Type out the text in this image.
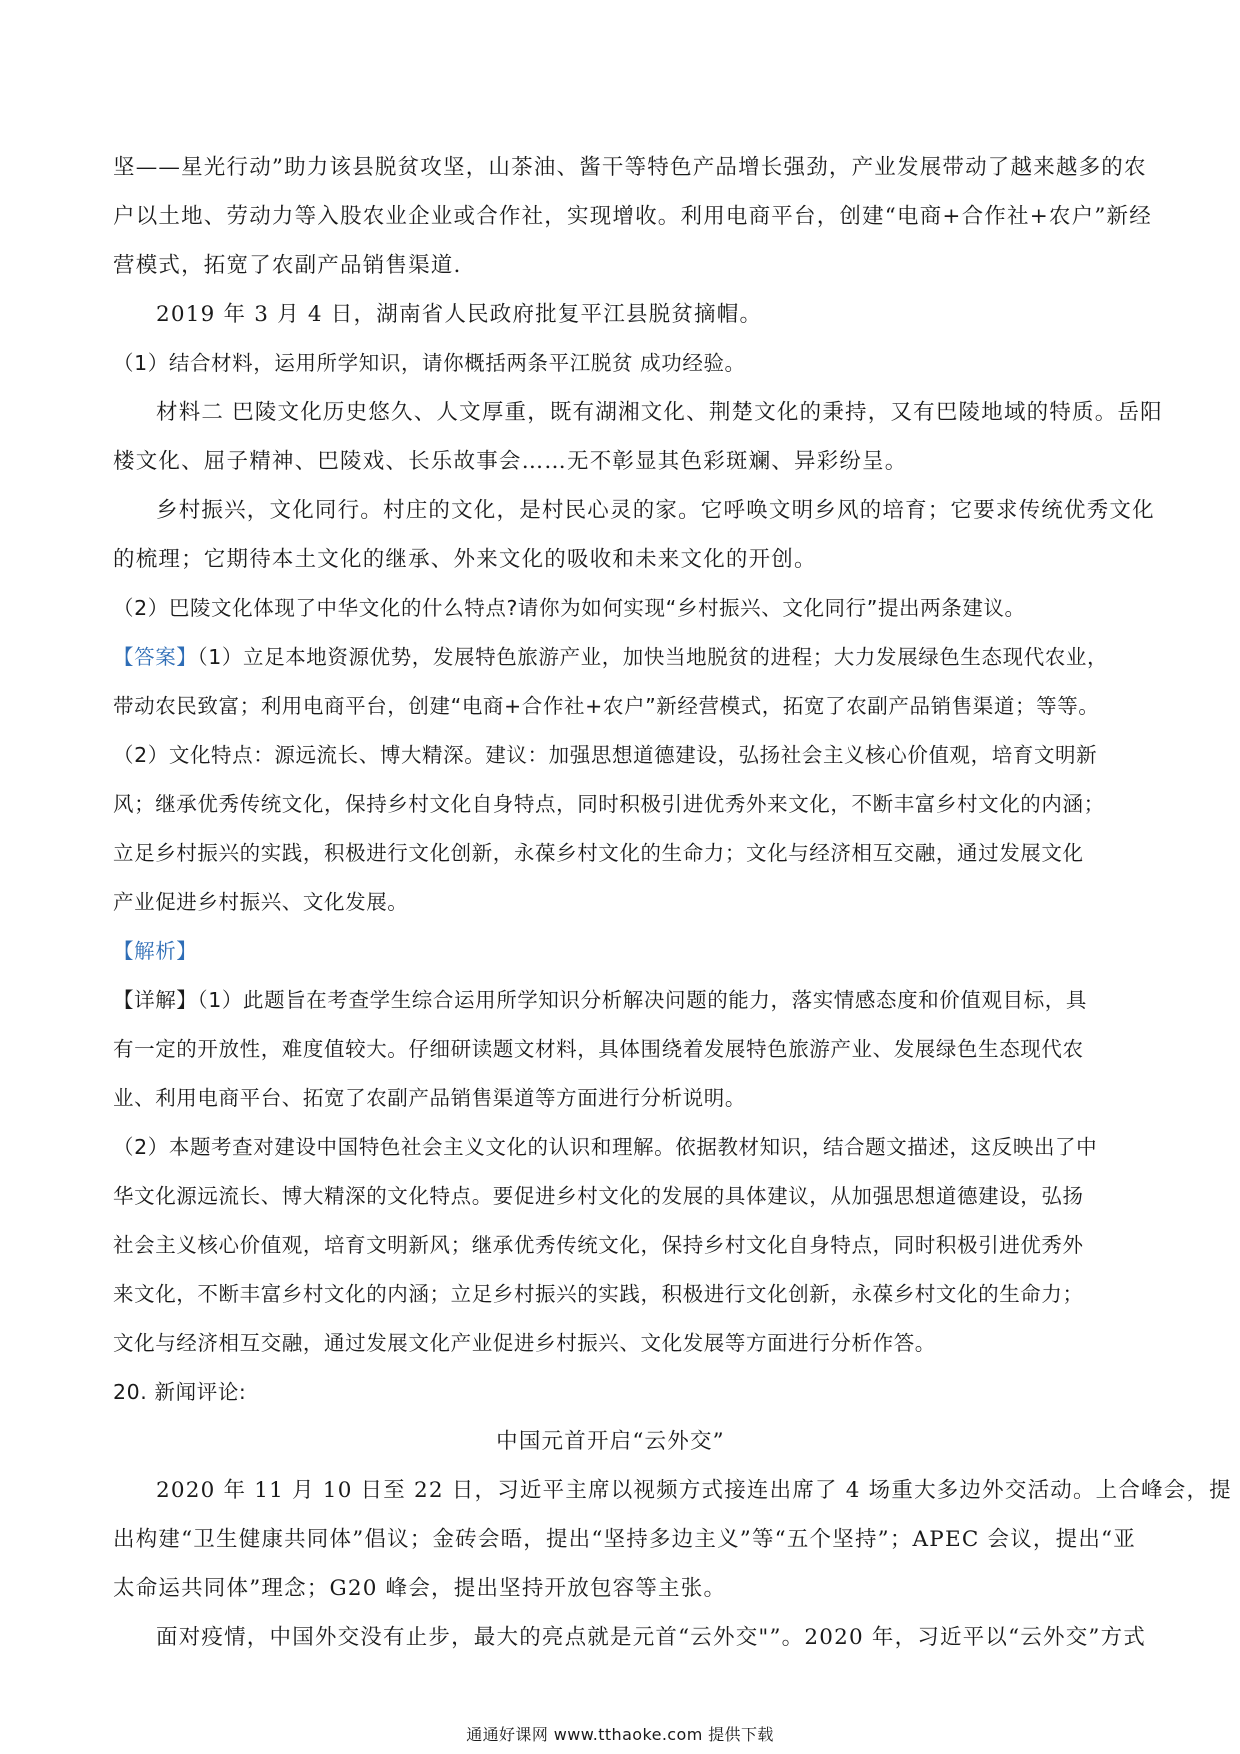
坚——星光行动”助力该县脱贫攻坚，山茶油、酱干等特色产品增长强劲，产业发展带动了越来越多的农
户以土地、劳动力等入股农业企业或合作社，实现增收。利用电商平台，创建“电商+合作社+农户”新经
营模式，拓宽了农副产品销售渠道.
2019 年 3 月 4 日，湖南省人民政府批复平江县脱贫摘帽。
（1）结合材料，运用所学知识，请你概括两条平江脱贫 成功经验。
材料二 巴陵文化历史悠久、人文厚重，既有湖湘文化、荆楚文化的秉持，又有巴陵地域的特质。岳阳
楼文化、屈子精神、巴陵戏、长乐故事会……无不彰显其色彩斑斓、异彩纷呈。
乡村振兴，文化同行。村庄的文化，是村民心灵的家。它呼唤文明乡风的培育；它要求传统优秀文化
的梳理；它期待本土文化的继承、外来文化的吸收和未来文化的开创。
（2）巴陵文化体现了中华文化的什么特点?请你为如何实现“乡村振兴、文化同行”提出两条建议。
【答案】（1）立足本地资源优势，发展特色旅游产业，加快当地脱贫的进程；大力发展绿色生态现代农业，
带动农民致富；利用电商平台，创建“电商+合作社+农户”新经营模式，拓宽了农副产品销售渠道；等等。
（2）文化特点：源远流长、博大精深。建议：加强思想道德建设，弘扬社会主义核心价值观，培育文明新
风；继承优秀传统文化，保持乡村文化自身特点，同时积极引进优秀外来文化，不断丰富乡村文化的内涵；
立足乡村振兴的实践，积极进行文化创新，永葆乡村文化的生命力；文化与经济相互交融，通过发展文化
产业促进乡村振兴、文化发展。
【解析】
【详解】（1）此题旨在考查学生综合运用所学知识分析解决问题的能力，落实情感态度和价值观目标，具
有一定的开放性，难度值较大。仔细研读题文材料，具体围绕着发展特色旅游产业、发展绿色生态现代农
业、利用电商平台、拓宽了农副产品销售渠道等方面进行分析说明。
（2）本题考查对建设中国特色社会主义文化的认识和理解。依据教材知识，结合题文描述，这反映出了中
华文化源远流长、博大精深的文化特点。要促进乡村文化的发展的具体建议，从加强思想道德建设，弘扬
社会主义核心价值观，培育文明新风；继承优秀传统文化，保持乡村文化自身特点，同时积极引进优秀外
来文化，不断丰富乡村文化的内涵；立足乡村振兴的实践，积极进行文化创新，永葆乡村文化的生命力；
文化与经济相互交融，通过发展文化产业促进乡村振兴、文化发展等方面进行分析作答。
20. 新闻评论:
中国元首开启“云外交”
2020 年 11 月 10 日至 22 日，习近平主席以视频方式接连出席了 4 场重大多边外交活动。上合峰会，提
出构建“卫生健康共同体”倡议；金砖会晤，提出“坚持多边主义”等“五个坚持”；APEC 会议，提出“亚
太命运共同体”理念；G20 峰会，提出坚持开放包容等主张。
面对疫情，中国外交没有止步，最大的亮点就是元首“云外交"”。2020 年，习近平以“云外交”方式
通通好课网 www.tthaoke.com 提供下载
